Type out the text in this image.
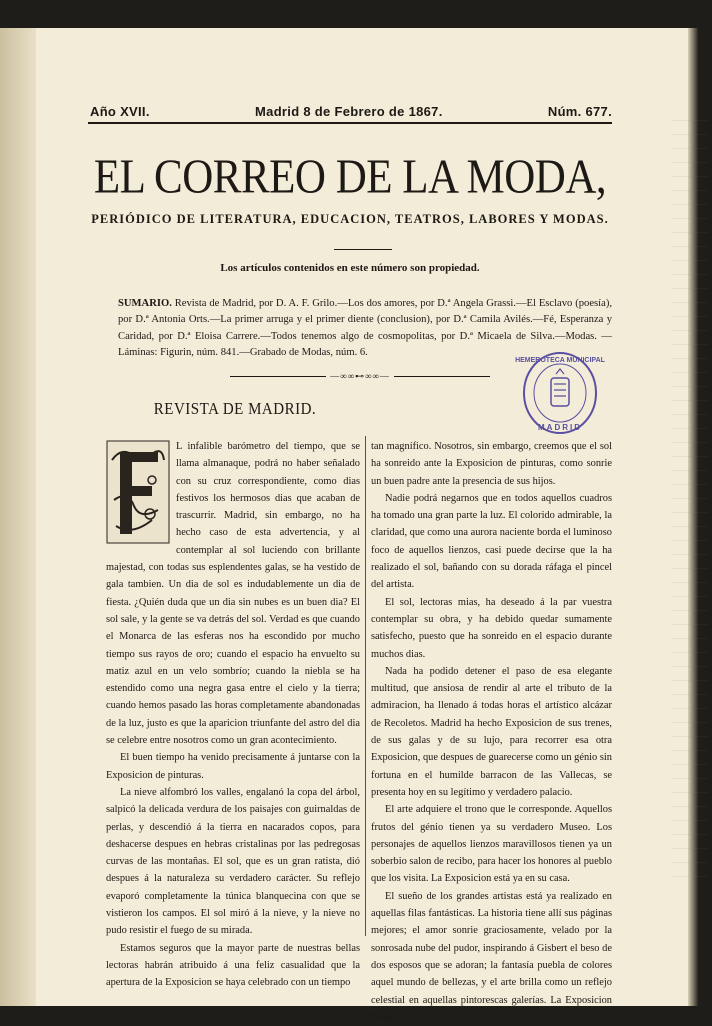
Año XVII.	Madrid 8 de Febrero de 1867.	Núm. 677.
EL CORREO DE LA MODA,
PERIÓDICO DE LITERATURA, EDUCACION, TEATROS, LABORES Y MODAS.
Los artículos contenidos en este número son propiedad.
SUMARIO. Revista de Madrid, por D. A. F. Grilo.—Los dos amores, por D.ª Angela Grassi.—El Esclavo (poesía), por D.ª Antonia Orts.—La primer arruga y el primer diente (conclusion), por D.ª Camila Avilés.—Fé, Esperanza y Caridad, por D.ª Eloisa Carrere.—Todos tenemos algo de cosmopolitas, por D.ª Micaela de Silva.—Modas. —Láminas: Figurin, núm. 841.—Grabado de Modas, núm. 6.
—∞∞⊷∞∞—
HEMEROTECA MUNICIPAL
MADRID
REVISTA DE MADRID.

L infalible barómetro del tiempo, que se llama almanaque, podrá no haber señalado con su cruz correspondiente, como dias festivos los hermosos dias que acaban de trascurrir. Madrid, sin embargo, no ha hecho caso de esta advertencia, y al contemplar al sol luciendo con brillante majestad, con todas sus esplendentes galas, se ha vestido de gala tambien. Un dia de sol es indudablemente un dia de fiesta. ¿Quién duda que un dia sin nubes es un buen dia? El sol sale, y la gente se va detrás del sol. Verdad es que cuando el Monarca de las esferas nos ha escondido por mucho tiempo sus rayos de oro; cuando el espacio ha envuelto su matiz azul en un velo sombrío; cuando la niebla se ha estendido como una negra gasa entre el cielo y la tierra; cuando hemos pasado las horas completamente abandonadas de la luz, justo es que la aparicion triunfante del astro del dia se celebre entre nosotros como un gran acontecimiento.

El buen tiempo ha venido precisamente á juntarse con la Exposicion de pinturas.

La nieve alfombró los valles, engalanó la copa del árbol, salpicó la delicada verdura de los paisajes con guirnaldas de perlas, y descendió á la tierra en nacarados copos, para deshacerse despues en hebras cristalinas por las pedregosas curvas de las montañas. El sol, que es un gran ratista, dió despues á la naturaleza su verdadero carácter. Su reflejo evaporó completamente la túnica blanquecina con que se vistieron los campos. El sol miró á la nieve, y la nieve no pudo resistir el fuego de su mirada.

Estamos seguros que la mayor parte de nuestras bellas lectoras habrán atribuido á una feliz casualidad que la apertura de la Exposicion se haya celebrado con un tiempo

tan magnífico. Nosotros, sin embargo, creemos que el sol ha sonreido ante la Exposicion de pinturas, como sonrie un buen padre ante la presencia de sus hijos.

Nadie podrá negarnos que en todos aquellos cuadros ha tomado una gran parte la luz. El colorido admirable, la claridad, que como una aurora naciente borda el luminoso foco de aquellos lienzos, casi puede decirse que la ha realizado el sol, bañando con su dorada ráfaga el pincel del artista.

El sol, lectoras mias, ha deseado á la par vuestra contemplar su obra, y ha debido quedar sumamente satisfecho, puesto que ha sonreido en el espacio durante muchos dias.

Nada ha podido detener el paso de esa elegante multitud, que ansiosa de rendir al arte el tributo de la admiracion, ha llenado á todas horas el artístico alcázar de Recoletos. Madrid ha hecho Exposicion de sus trenes, de sus galas y de su lujo, para recorrer esa otra Exposicion, que despues de guarecerse como un génio sin fortuna en el humilde barracon de las Vallecas, se presenta hoy en su legítimo y verdadero palacio.

El arte adquiere el trono que le corresponde. Aquellos frutos del génio tienen ya su verdadero Museo. Los personajes de aquellos lienzos maravillosos tienen ya un soberbio salon de recibo, para hacer los honores al pueblo que los visita. La Exposicion está ya en su casa.

El sueño de los grandes artistas está ya realizado en aquellas filas fantásticas. La historia tiene allí sus páginas mejores; el amor sonrie graciosamente, velado por la sonrosada nube del pudor, inspirando á Gisbert el beso de dos esposos que se adoran; la fantasía puebla de colores aquel mundo de bellezas, y el arte brilla como un reflejo celestial en aquellas pintorescas galerías. La Exposicion ha te-
